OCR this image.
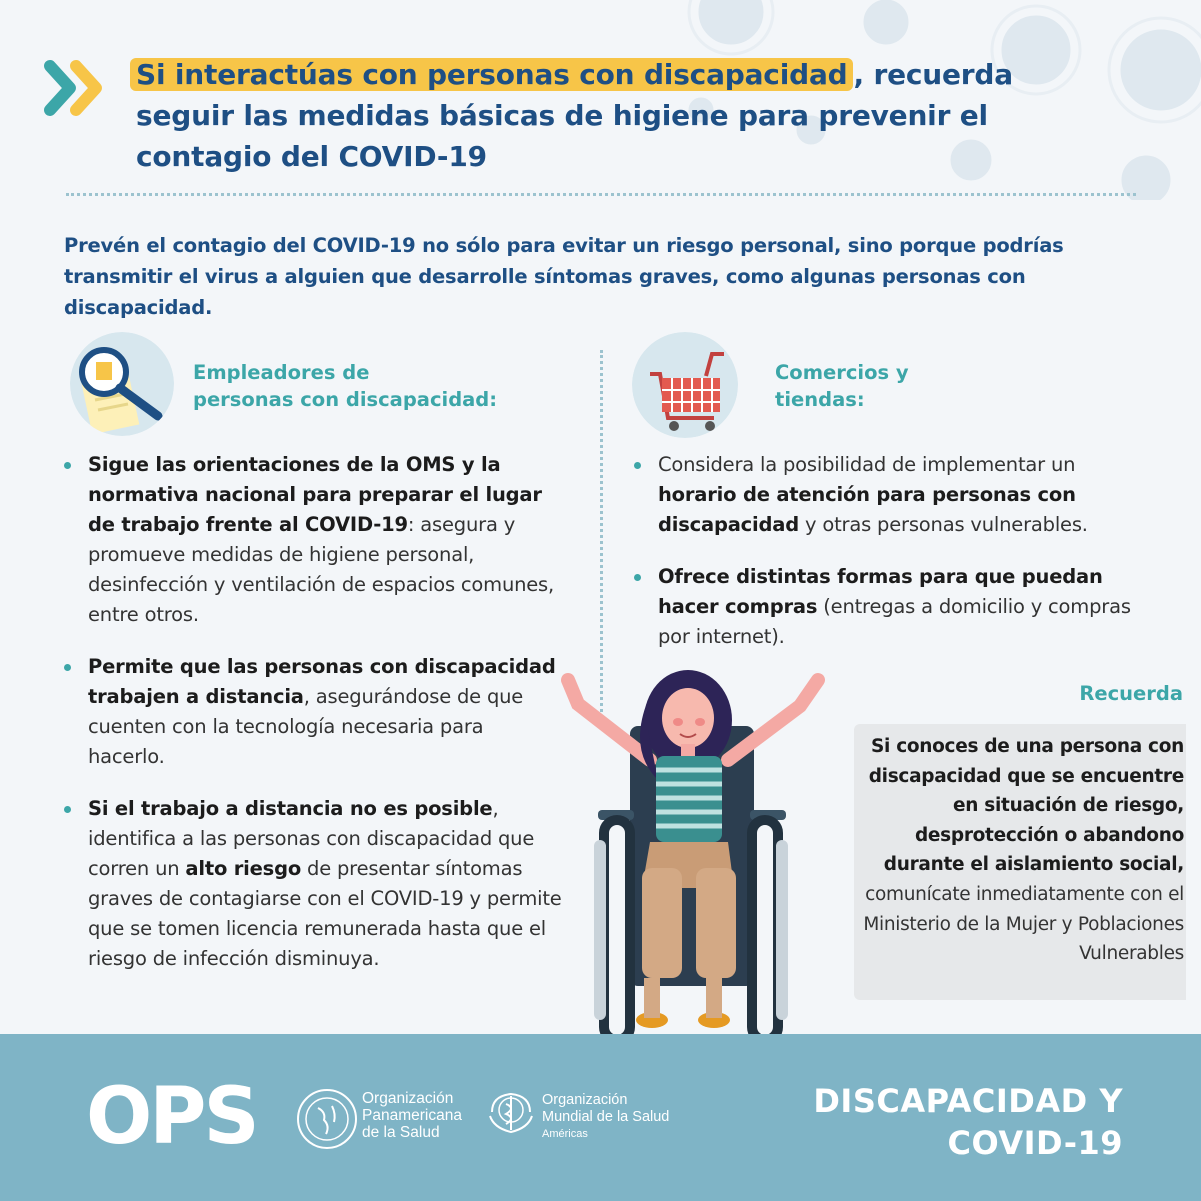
Si interactúas con personas con discapacidad , recuerda seguir las medidas básicas de higiene para prevenir el contagio del COVID-19
Prevén el contagio del COVID-19 no sólo para evitar un riesgo personal, sino porque podrías transmitir el virus a alguien que desarrolle síntomas graves, como algunas personas con discapacidad.
Empleadores de
personas con discapacidad:
Sigue las orientaciones de la OMS y la normativa nacional para preparar el lugar de trabajo frente al COVID-19: asegura y promueve medidas de higiene personal, desinfección y ventilación de espacios comunes, entre otros.
Permite que las personas con discapacidad trabajen a distancia, asegurándose de que cuenten con la tecnología necesaria para hacerlo.
Si el trabajo a distancia no es posible, identifica a las personas con discapacidad que corren un alto riesgo de presentar síntomas graves de contagiarse con el COVID-19 y permite que se tomen licencia remunerada hasta que el riesgo de infección disminuya.
Comercios y
tiendas:
Considera la posibilidad de implementar un horario de atención para personas con discapacidad y otras personas vulnerables.
Ofrece distintas formas para que puedan hacer compras (entregas a domicilio y compras por internet).
Recuerda
Si conoces de una persona con discapacidad que se encuentre en situación de riesgo, desprotección o abandono durante el aislamiento social, comunícate inmediatamente con el Ministerio de la Mujer y Poblaciones Vulnerables
OPS	Organización
Panamericana
de la Salud
Organización
Mundial de la Salud
Américas
DISCAPACIDAD Y
COVID-19
